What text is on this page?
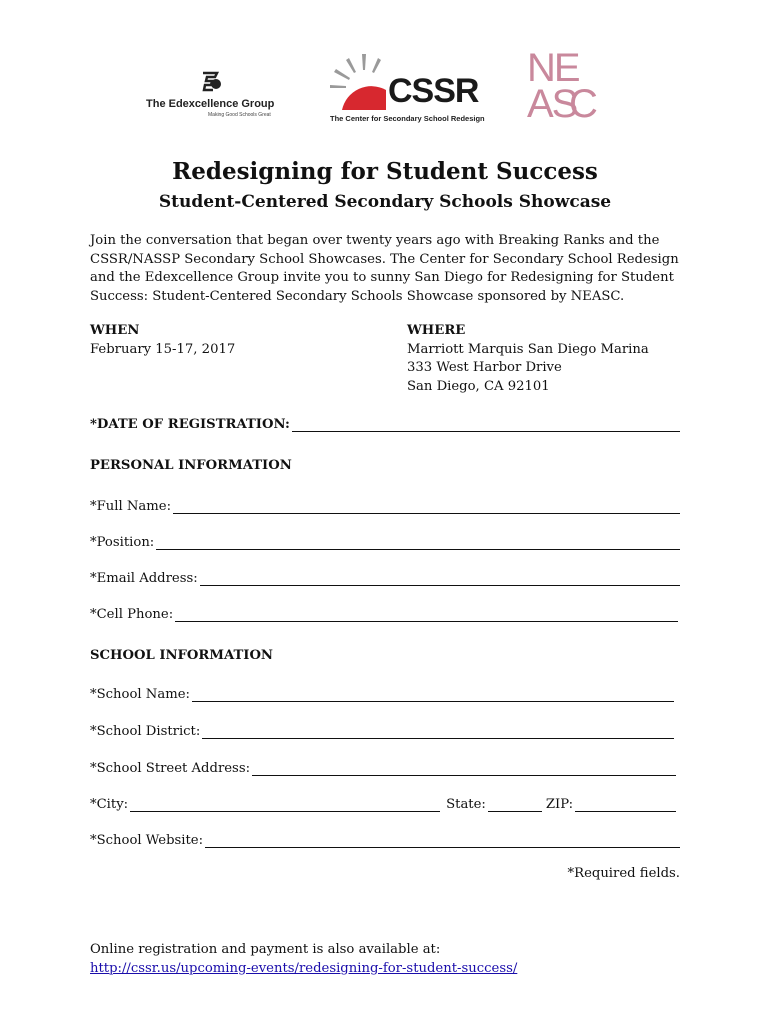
The Edexcellence Group
Making Good Schools Great
CSSR
The Center for Secondary School Redesign
NE
AS
C
Redesigning for Student Success
Student-Centered Secondary Schools Showcase

Join the conversation that began over twenty years ago with Breaking Ranks and the CSSR/NASSP Secondary School Showcases. The Center for Secondary School Redesign and the Edexcellence Group invite you to sunny San Diego for Redesigning for Student Success: Student-Centered Secondary Schools Showcase sponsored by NEASC.

WHEN
February 15-17, 2017
WHERE
Marriott Marquis San Diego Marina
333 West Harbor Drive
San Diego, CA 92101
*DATE OF REGISTRATION:
PERSONAL INFORMATION
*Full Name:
*Position:
*Email Address:
*Cell Phone:
SCHOOL INFORMATION
*School Name:
*School District:
*School Street Address:
*City:	State:	ZIP:
*School Website:
*Required fields.
Online registration and payment is also available at:
http://cssr.us/upcoming-events/redesigning-for-student-success/
